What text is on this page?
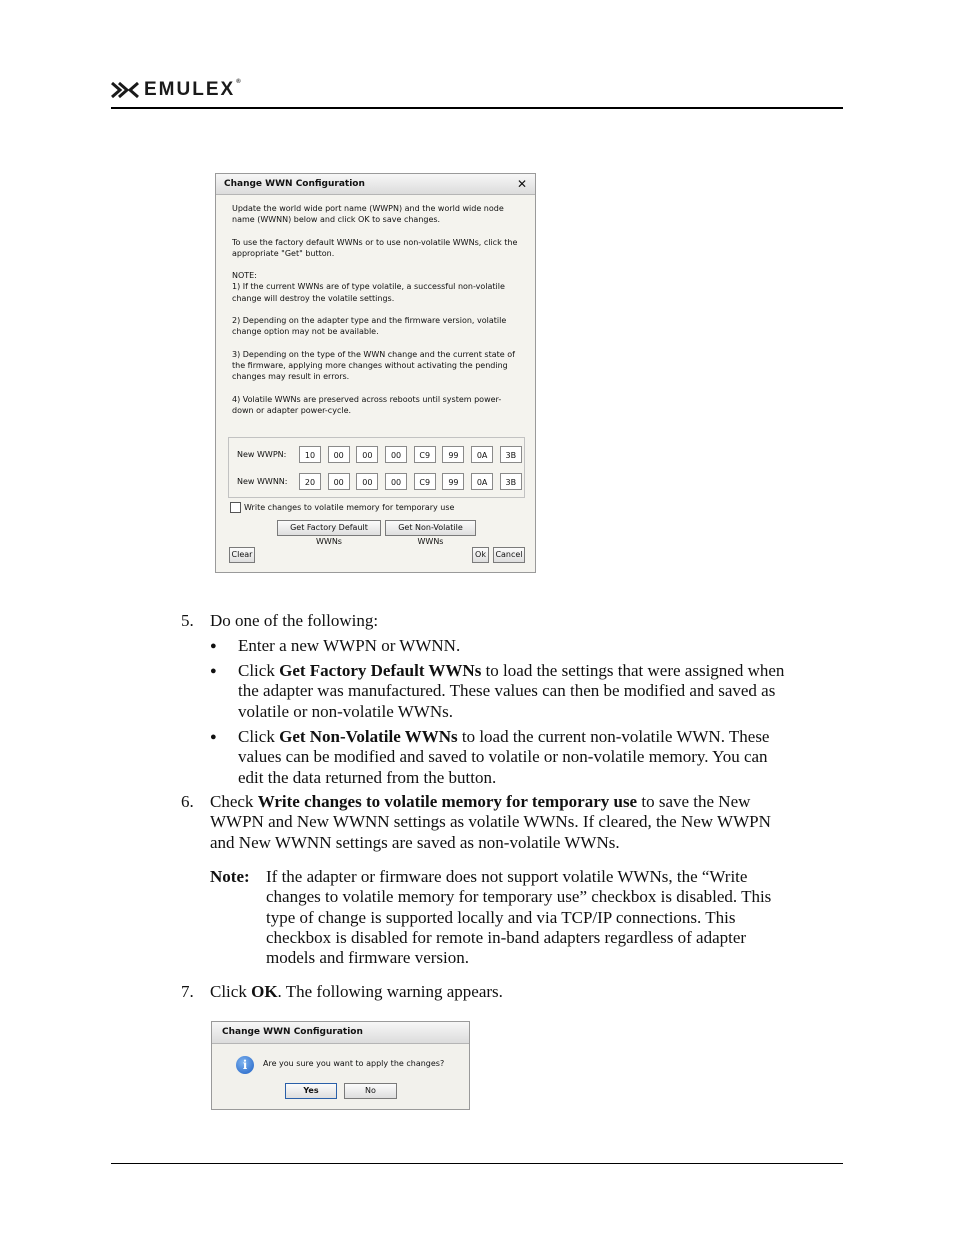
EMULEX®
Change WWN Configuration	✕

Update the world wide port name (WWPN) and the world wide node name (WWNN) below and click OK to save changes.

To use the factory default WWNs or to use non-volatile WWNs, click the appropriate "Get" button.

NOTE:
1) If the current WWNs are of type volatile, a successful non-volatile change will destroy the volatile settings.

2) Depending on the adapter type and the firmware version, volatile change option may not be available.

3) Depending on the type of the WWN change and the current state of the firmware, applying more changes without activating the pending changes may result in errors.

4) Volatile WWNs are preserved across reboots until system power-down or adapter power-cycle.

New WWPN:	10	00	00	00	C9	99	0A	3B
New WWNN:	20	00	00	00	C9	99	0A	3B
Write changes to volatile memory for temporary use
Get Factory Default WWNs
Get Non-Volatile WWNs
Clear	Ok	Cancel
5. Do one of the following:
● Enter a new WWPN or WWNN.
● Click Get Factory Default WWNs to load the settings that were assigned when
the adapter was manufactured. These values can then be modified and saved as
volatile or non-volatile WWNs.
● Click Get Non-Volatile WWNs to load the current non-volatile WWN. These
values can be modified and saved to volatile or non-volatile memory. You can
edit the data returned from the button.
6. Check Write changes to volatile memory for temporary use to save the New
WWPN and New WWNN settings as volatile WWNs. If cleared, the New WWPN
and New WWNN settings are saved as non-volatile WWNs.
Note: If the adapter or firmware does not support volatile WWNs, the “Write
changes to volatile memory for temporary use” checkbox is disabled. This
type of change is supported locally and via TCP/IP connections. This
checkbox is disabled for remote in-band adapters regardless of adapter
models and firmware version.
7. Click OK. The following warning appears.
Change WWN Configuration
i	Are you sure you want to apply the changes?
Yes	No
